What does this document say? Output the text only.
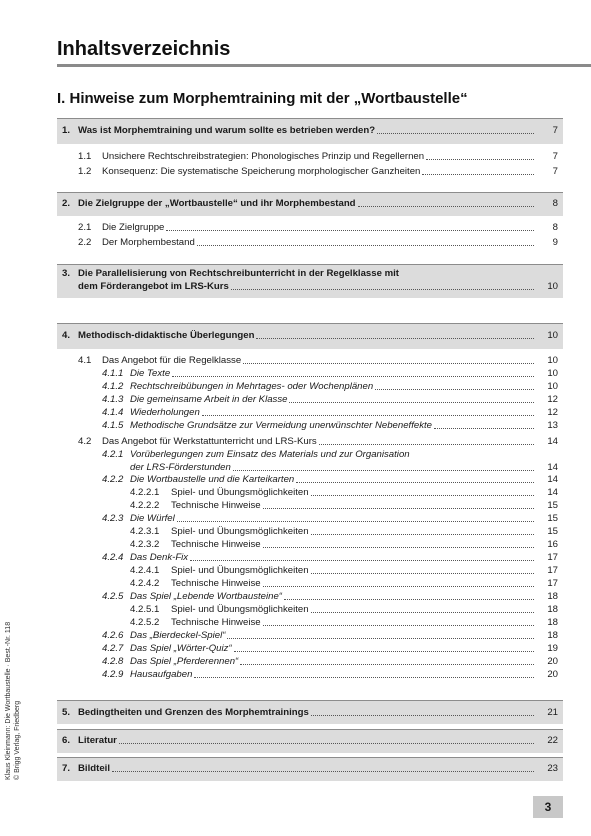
Inhaltsverzeichnis
I. Hinweise zum Morphemtraining mit der „Wortbaustelle“
1. Was ist Morphemtraining und warum sollte es betrieben werden?	7
1.1 Unsichere Rechtschreibstrategien: Phonologisches Prinzip und Regellernen	7
1.2 Konsequenz: Die systematische Speicherung morphologischer Ganzheiten	7
2. Die Zielgruppe der „Wortbaustelle“ und ihr Morphembestand	8
2.1 Die Zielgruppe	8
2.2 Der Morphembestand	9
3. Die Parallelisierung von Rechtschreibunterricht in der Regelklasse mit
dem Förderangebot im LRS-Kurs	10
4. Methodisch-didaktische Überlegungen	10
4.1 Das Angebot für die Regelklasse	10
4.1.1 Die Texte	10
4.1.2 Rechtschreibübungen in Mehrtages- oder Wochenplänen	10
4.1.3 Die gemeinsame Arbeit in der Klasse	12
4.1.4 Wiederholungen	12
4.1.5 Methodische Grundsätze zur Vermeidung unerwünschter Nebeneffekte	13
4.2 Das Angebot für Werkstattunterricht und LRS-Kurs	14
4.2.1 Vorüberlegungen zum Einsatz des Materials und zur Organisation
der LRS-Förderstunden	14
4.2.2 Die Wortbaustelle und die Karteikarten	14
4.2.2.1 Spiel- und Übungsmöglichkeiten	14
4.2.2.2 Technische Hinweise	15
4.2.3 Die Würfel	15
4.2.3.1 Spiel- und Übungsmöglichkeiten	15
4.2.3.2 Technische Hinweise	16
4.2.4 Das Denk-Fix	17
4.2.4.1 Spiel- und Übungsmöglichkeiten	17
4.2.4.2 Technische Hinweise	17
4.2.5 Das Spiel „Lebende Wortbausteine“	18
4.2.5.1 Spiel- und Übungsmöglichkeiten	18
4.2.5.2 Technische Hinweise	18
4.2.6 Das „Bierdeckel-Spiel“	18
4.2.7 Das Spiel „Wörter-Quiz“	19
4.2.8 Das Spiel „Pferderennen“	20
4.2.9 Hausaufgaben	20
5. Bedingtheiten und Grenzen des Morphemtrainings	21
6. Literatur	22
7. Bildteil	23
Klaus Kleinmann: Die Wortbaustelle · Best.-Nr. 118 © Brigg Verlag, Friedberg
3
